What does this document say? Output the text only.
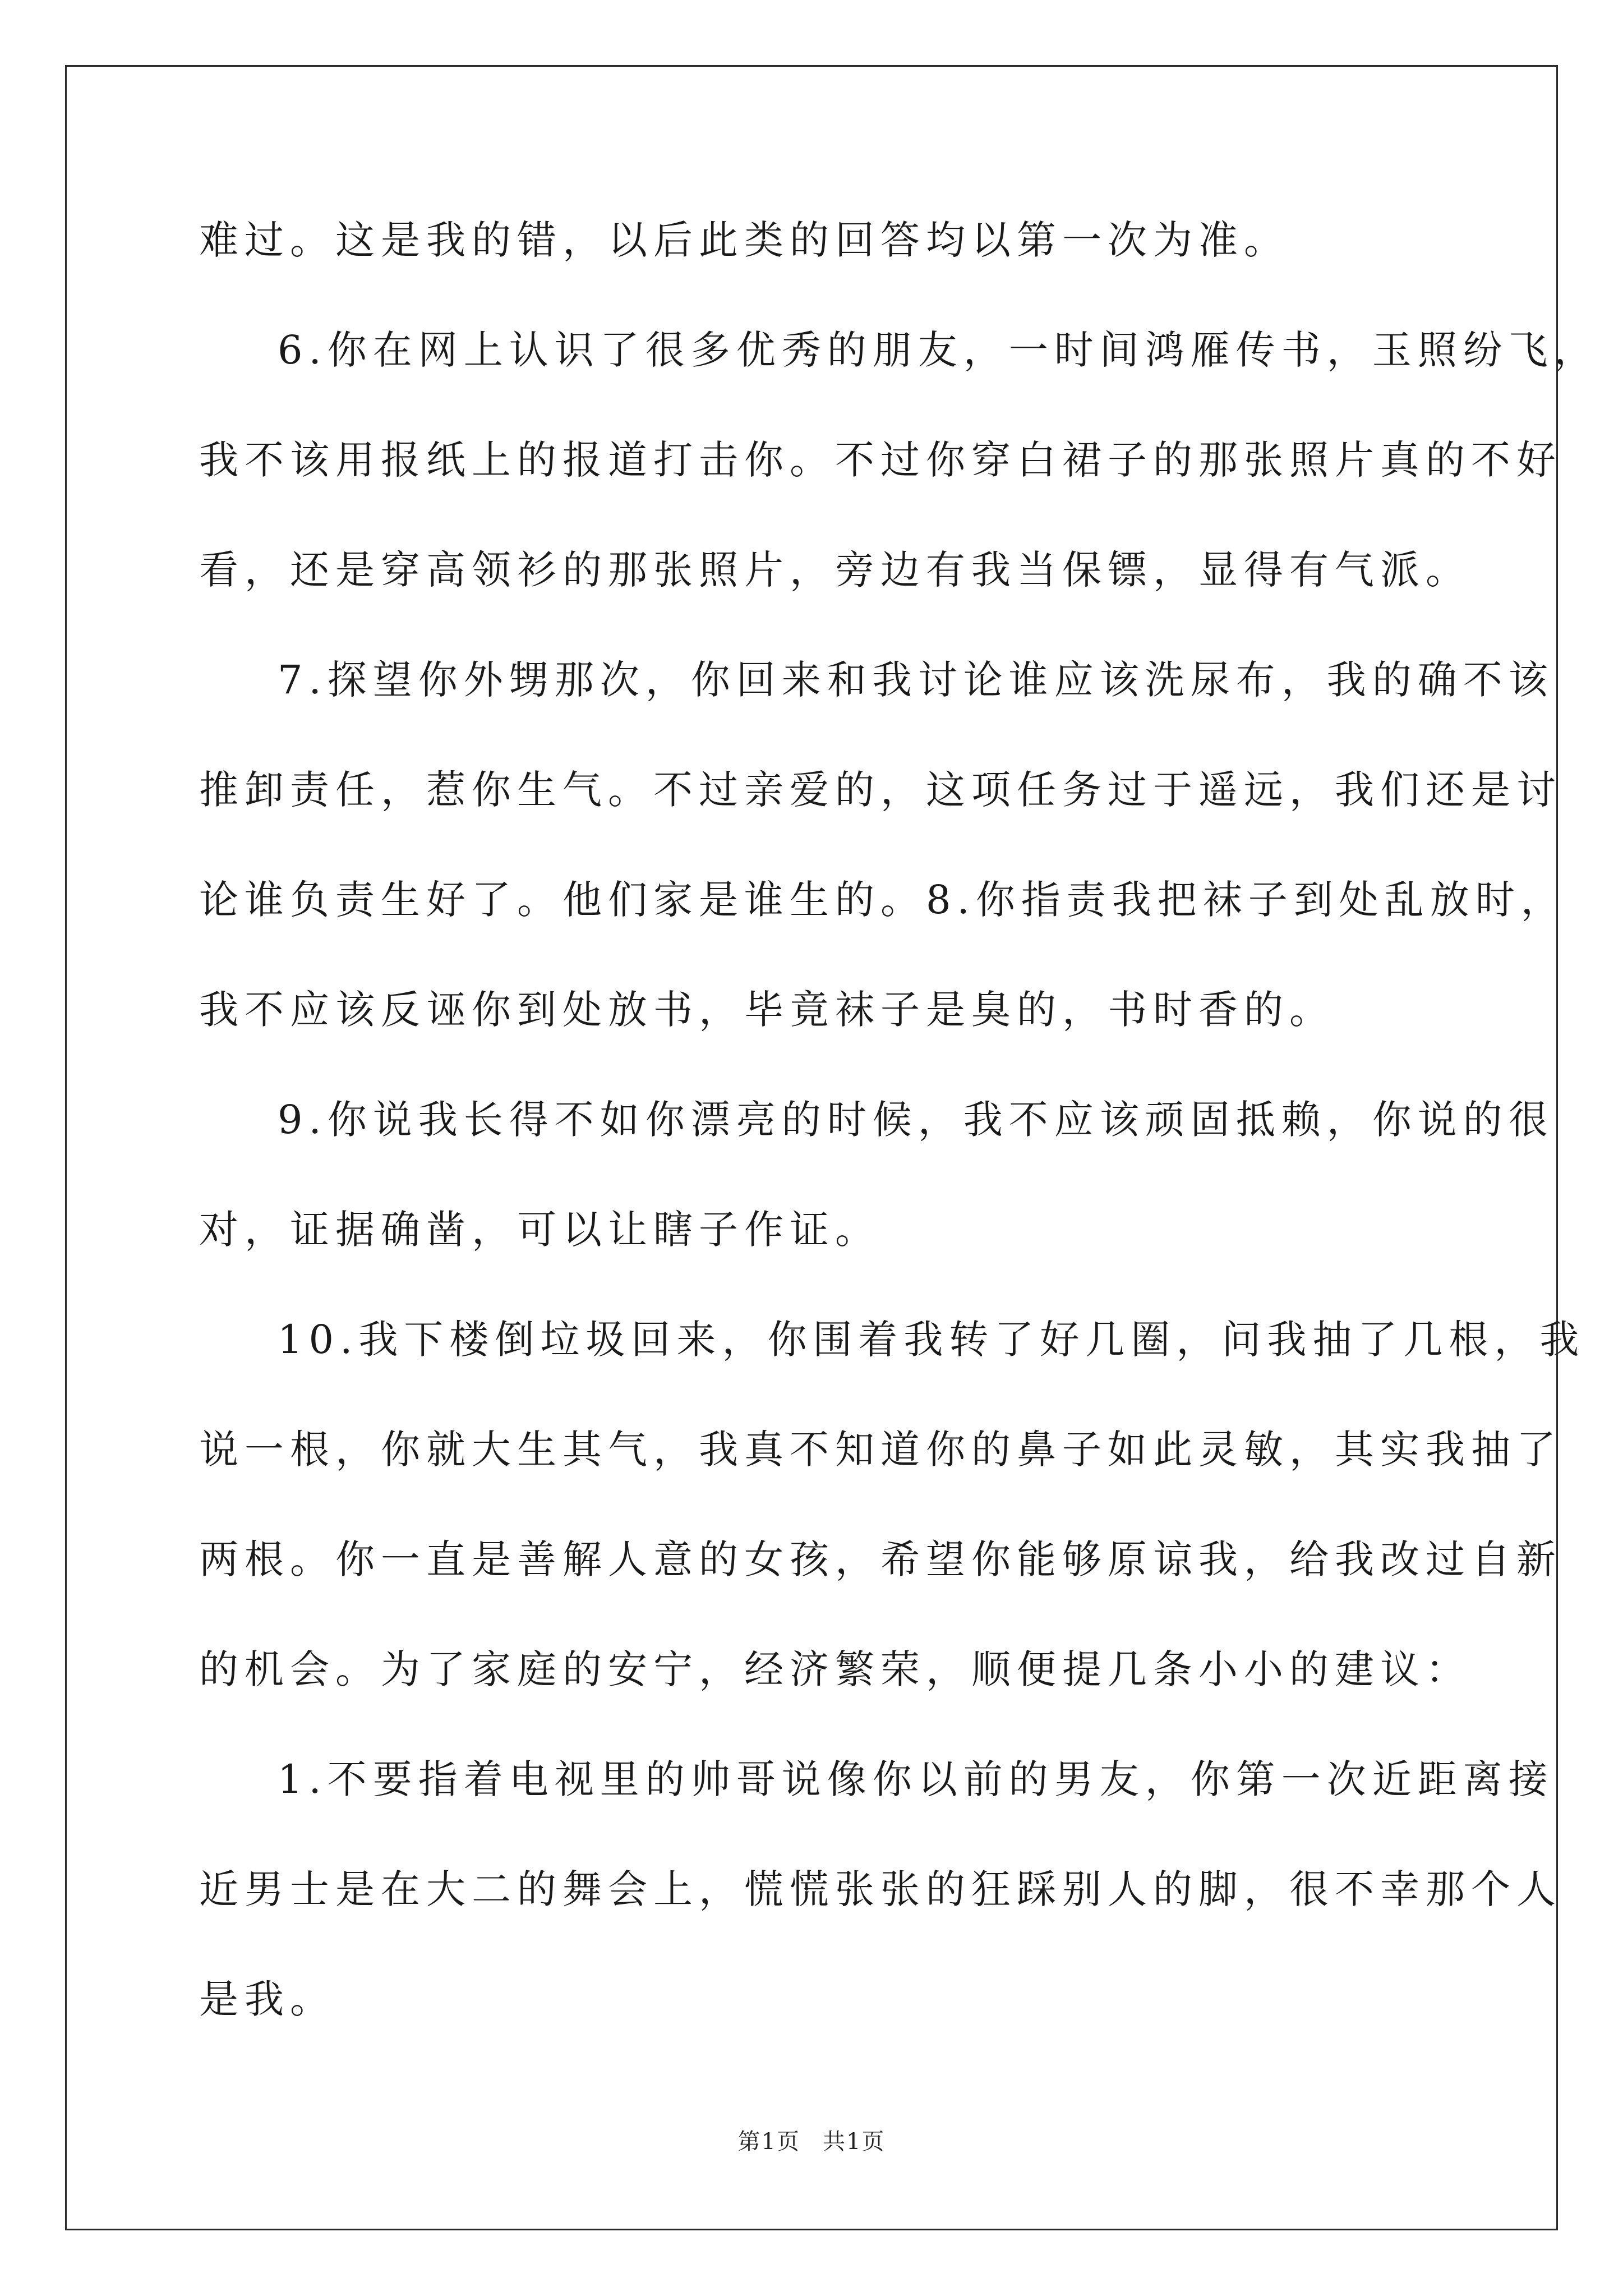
难过。这是我的错，以后此类的回答均以第一次为准。
6.你在网上认识了很多优秀的朋友，一时间鸿雁传书，玉照纷飞，
我不该用报纸上的报道打击你。不过你穿白裙子的那张照片真的不好
看，还是穿高领衫的那张照片，旁边有我当保镖，显得有气派。
7.探望你外甥那次，你回来和我讨论谁应该洗尿布，我的确不该
推卸责任，惹你生气。不过亲爱的，这项任务过于遥远，我们还是讨
论谁负责生好了。他们家是谁生的。8.你指责我把袜子到处乱放时，
我不应该反诬你到处放书，毕竟袜子是臭的，书时香的。
9.你说我长得不如你漂亮的时候，我不应该顽固抵赖，你说的很
对，证据确凿，可以让瞎子作证。
10.我下楼倒垃圾回来，你围着我转了好几圈，问我抽了几根，我
说一根，你就大生其气，我真不知道你的鼻子如此灵敏，其实我抽了
两根。你一直是善解人意的女孩，希望你能够原谅我，给我改过自新
的机会。为了家庭的安宁，经济繁荣，顺便提几条小小的建议：
1.不要指着电视里的帅哥说像你以前的男友，你第一次近距离接
近男士是在大二的舞会上，慌慌张张的狂踩别人的脚，很不幸那个人
是我。
第1页 共1页
